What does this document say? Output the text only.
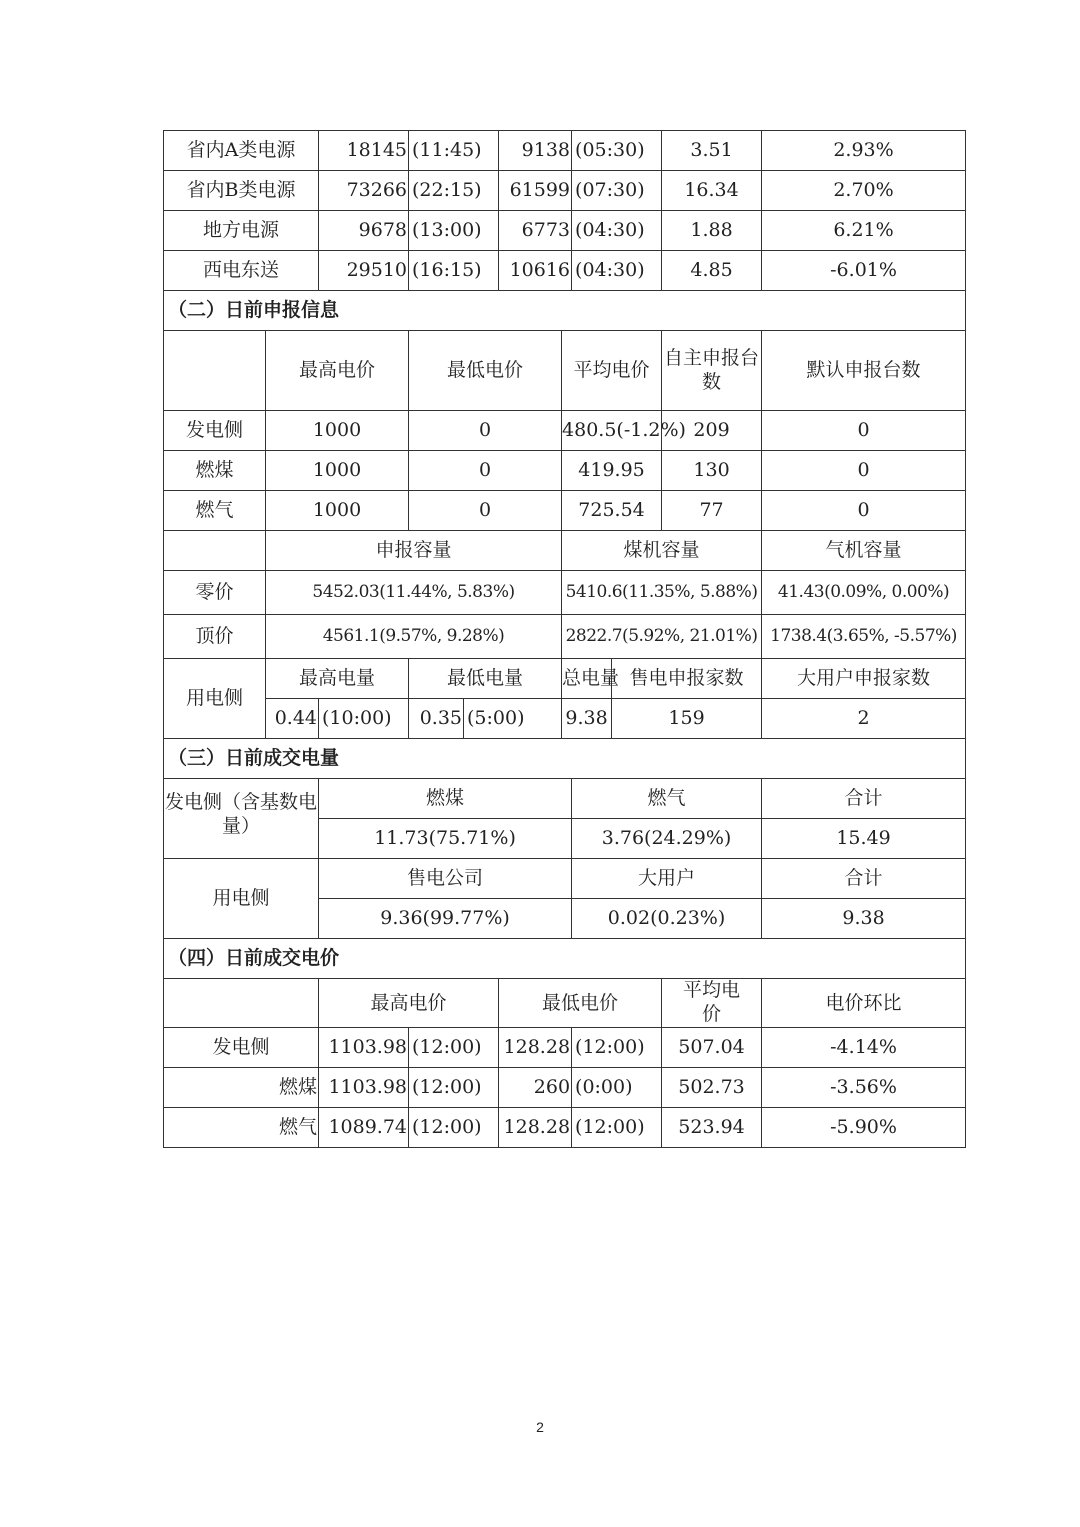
省内A类电源		18145	(11:45)		9138		(05:30)		3.51	2.93%
省内B类电源		73266	(22:15)		61599		(07:30)		16.34	2.70%
地方电源		9678	(13:00)		6773		(04:30)		1.88	6.21%
西电东送		29510	(16:15)		10616		(04:30)		4.85	-6.01%
（二）日前申报信息										
	最高电价		最低电价			平均电价			自主申报台数	默认申报台数
发电侧	1000		0			480.5(-1.2%)			209	0
燃煤	1000		0			419.95			130	0
燃气	1000		0			725.54			77	0
	申报容量					煤机容量				气机容量
零价	5452.03(11.44%, 5.83%)					5410.6(11.35%, 5.88%)				41.43(0.09%, 0.00%)
顶价	4561.1(9.57%, 9.28%)					2822.7(5.92%, 21.01%)				1738.4(3.65%, -5.57%)
用电侧	最高电量		最低电量			总电量		售电申报家数		大用户申报家数
	0.44	(10:00)	0.35	(5:00)		9.38		159		2
（三）日前成交电量										
发电侧（含基数电量）		燃煤					燃气			合计
		11.73(75.71%)					3.76(24.29%)			15.49
用电侧		售电公司					大用户			合计
		9.36(99.77%)					0.02(0.23%)			9.38
（四）日前成交电价										
		最高电价			最低电价				平均电价	电价环比
发电侧		1103.98	(12:00)		128.28		(12:00)		507.04	-4.14%
燃煤		1103.98	(12:00)		260		(0:00)		502.73	-3.56%
燃气		1089.74	(12:00)		128.28		(12:00)		523.94	-5.90%
2
